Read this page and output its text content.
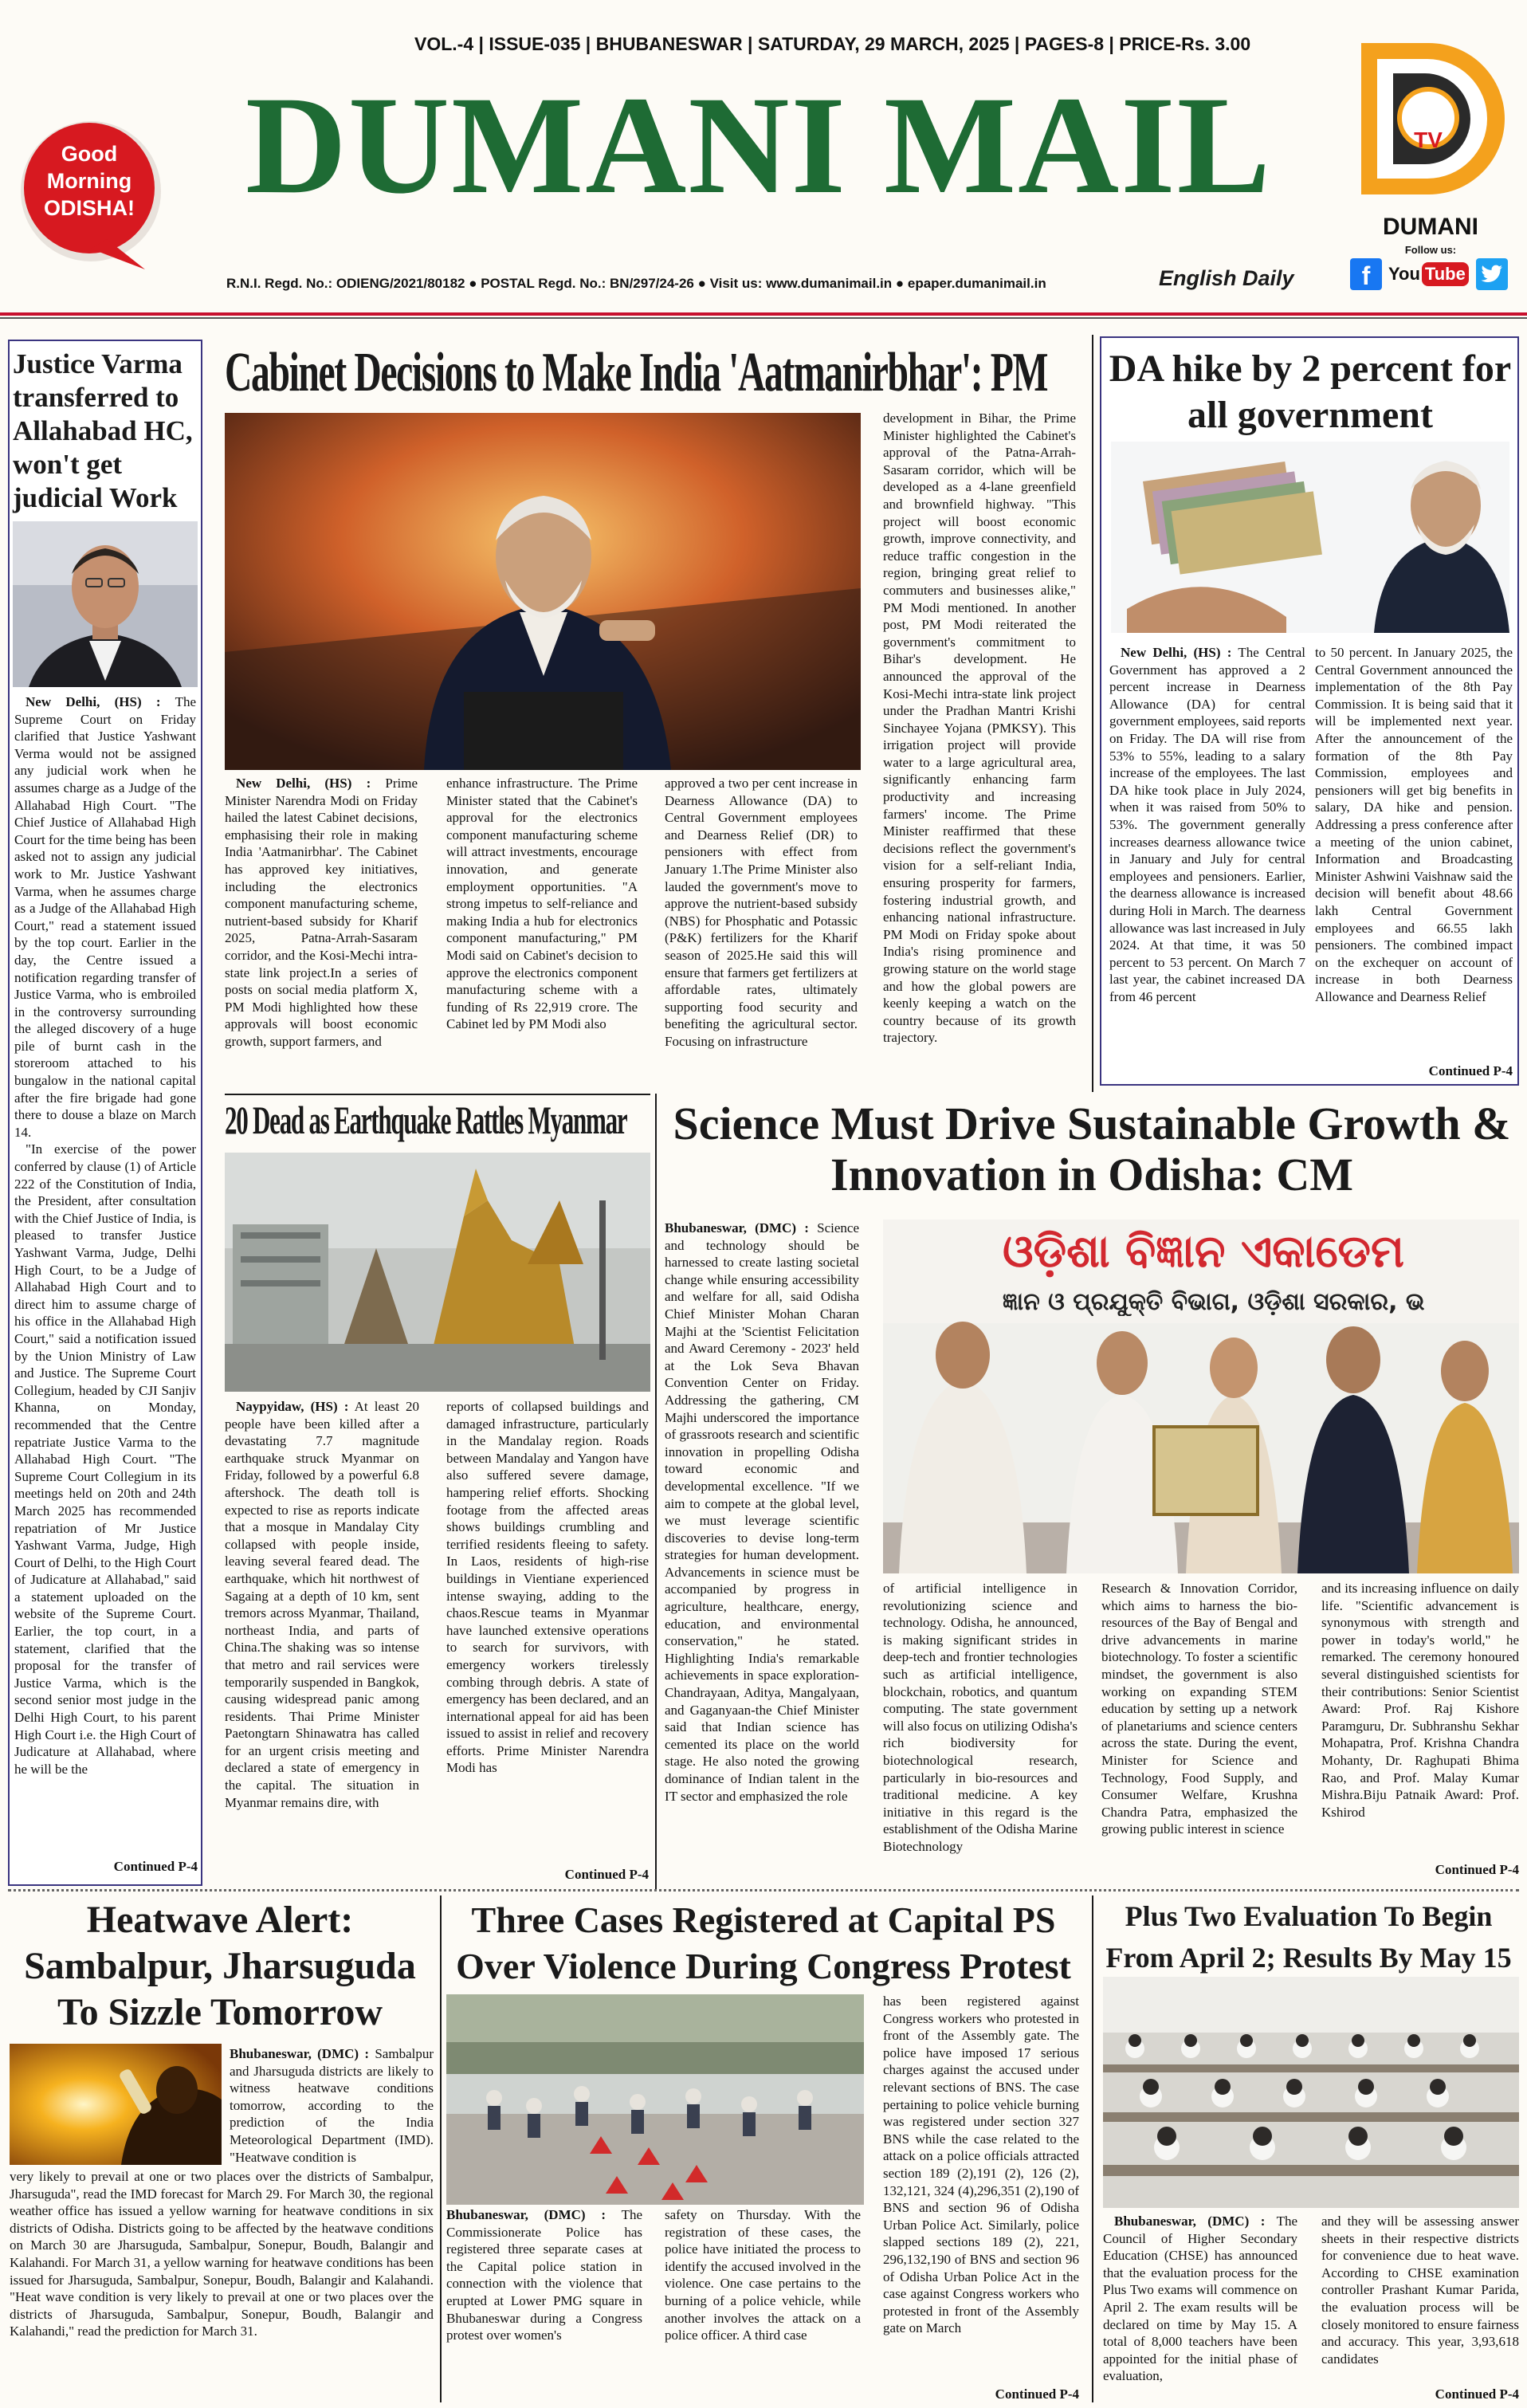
VOL.-4 | ISSUE-035 | BHUBANESWAR | SATURDAY, 29 MARCH, 2025 | PAGES-8 | PRICE-Rs. 3.00
Good
Morning
ODISHA! DUMANI MAIL
R.N.I. Regd. No.: ODIENG/2021/80182 ● POSTAL Regd. No.: BN/297/24-26 ● Visit us: www.dumanimail.in ● epaper.dumanimail.in	English Daily
TV
DUMANI
Follow us:
f	You Tube
Justice Varma transferred to Allahabad HC, won't get judicial Work
New Delhi, (HS) : The Supreme Court on Friday clarified that Justice Yashwant Verma would not be assigned any judicial work when he assumes charge as a Judge of the Allahabad High Court. "The Chief Justice of Allahabad High Court for the time being has been asked not to assign any judicial work to Mr. Justice Yashwant Varma, when he assumes charge as a Judge of the Allahabad High Court," read a statement issued by the top court. Earlier in the day, the Centre issued a notification regarding transfer of Justice Varma, who is embroiled in the controversy surrounding the alleged discovery of a huge pile of burnt cash in the storeroom attached to his bungalow in the national capital after the fire brigade had gone there to douse a blaze on March 14.
"In exercise of the power conferred by clause (1) of Article 222 of the Constitution of India, the President, after consultation with the Chief Justice of India, is pleased to transfer Justice Yashwant Varma, Judge, Delhi High Court, to be a Judge of Allahabad High Court and to direct him to assume charge of his office in the Allahabad High Court," said a notification issued by the Union Ministry of Law and Justice. The Supreme Court Collegium, headed by CJI Sanjiv Khanna, on Monday, recommended that the Centre repatriate Justice Varma to the Allahabad High Court. "The Supreme Court Collegium in its meetings held on 20th and 24th March 2025 has recommended repatriation of Mr Justice Yashwant Varma, Judge, High Court of Delhi, to the High Court of Judicature at Allahabad," said a statement uploaded on the website of the Supreme Court. Earlier, the top court, in a statement, clarified that the proposal for the transfer of Justice Varma, which is the second senior most judge in the Delhi High Court, to his parent High Court i.e. the High Court of Judicature at Allahabad, where he will be the
Continued P-4
Cabinet Decisions to Make India 'Aatmanirbhar': PM
New Delhi, (HS) : Prime Minister Narendra Modi on Friday hailed the latest Cabinet decisions, emphasising their role in making India 'Aatmanirbhar'. The Cabinet has approved key initiatives, including the electronics component manufacturing scheme, nutrient-based subsidy for Kharif 2025, Patna-Arrah-Sasaram corridor, and the Kosi-Mechi intra-state link project.In a series of posts on social media platform X, PM Modi highlighted how these approvals will boost economic growth, support farmers, and
enhance infrastructure. The Prime Minister stated that the Cabinet's approval for the electronics component manufacturing scheme will attract investments, encourage innovation, and generate employment opportunities. "A strong impetus to self-reliance and making India a hub for electronics component manufacturing," PM Modi said on Cabinet's decision to approve the electronics component manufacturing scheme with a funding of Rs 22,919 crore. The Cabinet led by PM Modi also
approved a two per cent increase in Dearness Allowance (DA) to Central Government employees and Dearness Relief (DR) to pensioners with effect from January 1.The Prime Minister also lauded the government's move to approve the nutrient-based subsidy (NBS) for Phosphatic and Potassic (P&K) fertilizers for the Kharif season of 2025.He said this will ensure that farmers get fertilizers at affordable rates, ultimately supporting food security and benefiting the agricultural sector. Focusing on infrastructure
development in Bihar, the Prime Minister highlighted the Cabinet's approval of the Patna-Arrah-Sasaram corridor, which will be developed as a 4-lane greenfield and brownfield highway. "This project will boost economic growth, improve connectivity, and reduce traffic congestion in the region, bringing great relief to commuters and businesses alike," PM Modi mentioned. In another post, PM Modi reiterated the government's commitment to Bihar's development. He announced the approval of the Kosi-Mechi intra-state link project under the Pradhan Mantri Krishi Sinchayee Yojana (PMKSY). This irrigation project will provide water to a large agricultural area, significantly enhancing farm productivity and increasing farmers' income. The Prime Minister reaffirmed that these decisions reflect the government's vision for a self-reliant India, ensuring prosperity for farmers, fostering industrial growth, and enhancing national infrastructure. PM Modi on Friday spoke about India's rising prominence and growing stature on the world stage and how the global powers are keenly keeping a watch on the country because of its growth trajectory.
DA hike by 2 percent for all government
New Delhi, (HS) : The Central Government has approved a 2 percent increase in Dearness Allowance (DA) for central government employees, said reports on Friday. The DA will rise from 53% to 55%, leading to a salary increase of the employees. The last DA hike took place in July 2024, when it was raised from 50% to 53%. The government generally increases dearness allowance twice in January and July for central employees and pensioners. Earlier, the dearness allowance is increased during Holi in March. The dearness allowance was last increased in July 2024. At that time, it was 50 percent to 53 percent. On March 7 last year, the cabinet increased DA from 46 percent
to 50 percent. In January 2025, the Central Government announced the implementation of the 8th Pay Commission. It is being said that it will be implemented next year. After the announcement of the formation of the 8th Pay Commission, employees and pensioners will get big benefits in salary, DA hike and pension. Addressing a press conference after a meeting of the union cabinet, Information and Broadcasting Minister Ashwini Vaishnaw said the decision will benefit about 48.66 lakh Central Government employees and 66.55 lakh pensioners. The combined impact on the exchequer on account of increase in both Dearness Allowance and Dearness Relief
Continued P-4
20 Dead as Earthquake Rattles Myanmar
Naypyidaw, (HS) : At least 20 people have been killed after a devastating 7.7 magnitude earthquake struck Myanmar on Friday, followed by a powerful 6.8 aftershock. The death toll is expected to rise as reports indicate that a mosque in Mandalay City collapsed with people inside, leaving several feared dead. The earthquake, which hit northwest of Sagaing at a depth of 10 km, sent tremors across Myanmar, Thailand, northeast India, and parts of China.The shaking was so intense that metro and rail services were temporarily suspended in Bangkok, causing widespread panic among residents. Thai Prime Minister Paetongtarn Shinawatra has called for an urgent crisis meeting and declared a state of emergency in the capital. The situation in Myanmar remains dire, with
reports of collapsed buildings and damaged infrastructure, particularly in the Mandalay region. Roads between Mandalay and Yangon have also suffered severe damage, hampering relief efforts. Shocking footage from the affected areas shows buildings crumbling and terrified residents fleeing to safety. In Laos, residents of high-rise buildings in Vientiane experienced intense swaying, adding to the chaos.Rescue teams in Myanmar have launched extensive operations to search for survivors, with emergency workers tirelessly combing through debris. A state of emergency has been declared, and an international appeal for aid has been issued to assist in relief and recovery efforts. Prime Minister Narendra Modi has
Continued P-4
Science Must Drive Sustainable Growth & Innovation in Odisha: CM
Bhubaneswar, (DMC) : Science and technology should be harnessed to create lasting societal change while ensuring accessibility and welfare for all, said Odisha Chief Minister Mohan Charan Majhi at the 'Scientist Felicitation and Award Ceremony - 2023' held at the Lok Seva Bhavan Convention Center on Friday. Addressing the gathering, CM Majhi underscored the importance of grassroots research and scientific innovation in propelling Odisha toward economic and developmental excellence. "If we aim to compete at the global level, we must leverage scientific discoveries to devise long-term strategies for human development. Advancements in science must be accompanied by progress in agriculture, healthcare, energy, education, and environmental conservation," he stated. Highlighting India's remarkable achievements in space exploration-Chandrayaan, Aditya, Mangalyaan, and Gaganyaan-the Chief Minister said that Indian science has cemented its place on the world stage. He also noted the growing dominance of Indian talent in the IT sector and emphasized the role
ଓଡ଼ିଶା ବିଜ୍ଞାନ ଏକାଡେମ
ଜ୍ଞାନ ଓ ପ୍ରଯୁକ୍ତି ବିଭାଗ, ଓଡ଼ିଶା ସରକାର, ଭ
of artificial intelligence in revolutionizing science and technology. Odisha, he announced, is making significant strides in deep-tech and frontier technologies such as artificial intelligence, blockchain, robotics, and quantum computing. The state government will also focus on utilizing Odisha's rich biodiversity for biotechnological research, particularly in bio-resources and traditional medicine. A key initiative in this regard is the establishment of the Odisha Marine Biotechnology
Research & Innovation Corridor, which aims to harness the bio-resources of the Bay of Bengal and drive advancements in marine biotechnology. To foster a scientific mindset, the government is also working on expanding STEM education by setting up a network of planetariums and science centers across the state. During the event, Minister for Science and Technology, Food Supply, and Consumer Welfare, Krushna Chandra Patra, emphasized the growing public interest in science
and its increasing influence on daily life. "Scientific advancement is synonymous with strength and power in today's world," he remarked. The ceremony honoured several distinguished scientists for their contributions: Senior Scientist Award: Prof. Raj Kishore Paramguru, Dr. Subhranshu Sekhar Mohapatra, Prof. Krishna Chandra Mohanty, Dr. Raghupati Bhima Rao, and Prof. Malay Kumar Mishra.Biju Patnaik Award: Prof. Kshirod
Continued P-4
Heatwave Alert: Sambalpur, Jharsuguda To Sizzle Tomorrow
Bhubaneswar, (DMC) : Sambalpur and Jharsuguda districts are likely to witness heatwave conditions tomorrow, according to the prediction of the India Meteorological Department (IMD). "Heatwave condition is
very likely to prevail at one or two places over the districts of Sambalpur, Jharsuguda", read the IMD forecast for March 29. For March 30, the regional weather office has issued a yellow warning for heatwave conditions in six districts of Odisha. Districts going to be affected by the heatwave conditions on March 30 are Jharsuguda, Sambalpur, Sonepur, Boudh, Balangir and Kalahandi. For March 31, a yellow warning for heatwave conditions has been issued for Jharsuguda, Sambalpur, Sonepur, Boudh, Balangir and Kalahandi. "Heat wave condition is very likely to prevail at one or two places over the districts of Jharsuguda, Sambalpur, Sonepur, Boudh, Balangir and Kalahandi," read the prediction for March 31.
Three Cases Registered at Capital PS Over Violence During Congress Protest
Bhubaneswar, (DMC) : The Commissionerate Police has registered three separate cases at the Capital police station in connection with the violence that erupted at Lower PMG square in Bhubaneswar during a Congress protest over women's
safety on Thursday. With the registration of these cases, the police have initiated the process to identify the accused involved in the violence. One case pertains to the burning of a police vehicle, while another involves the attack on a police officer. A third case
has been registered against Congress workers who protested in front of the Assembly gate. The police have imposed 17 serious charges against the accused under relevant sections of BNS. The case pertaining to police vehicle burning was registered under section 327 BNS while the case related to the attack on a police officials attracted section 189 (2),191 (2), 126 (2), 132,121, 324 (4),296,351 (2),190 of BNS and section 96 of Odisha Urban Police Act. Similarly, police slapped sections 189 (2), 221, 296,132,190 of BNS and section 96 of Odisha Urban Police Act in the case against Congress workers who protested in front of the Assembly gate on March
Continued P-4
Plus Two Evaluation To Begin From April 2; Results By May 15
Bhubaneswar, (DMC) : The Council of Higher Secondary Education (CHSE) has announced that the evaluation process for the Plus Two exams will commence on April 2. The exam results will be declared on time by May 15. A total of 8,000 teachers have been appointed for the initial phase of evaluation,
and they will be assessing answer sheets in their respective districts for convenience due to heat wave. According to CHSE examination controller Prashant Kumar Parida, the evaluation process will be closely monitored to ensure fairness and accuracy. This year, 3,93,618 candidates
Continued P-4
